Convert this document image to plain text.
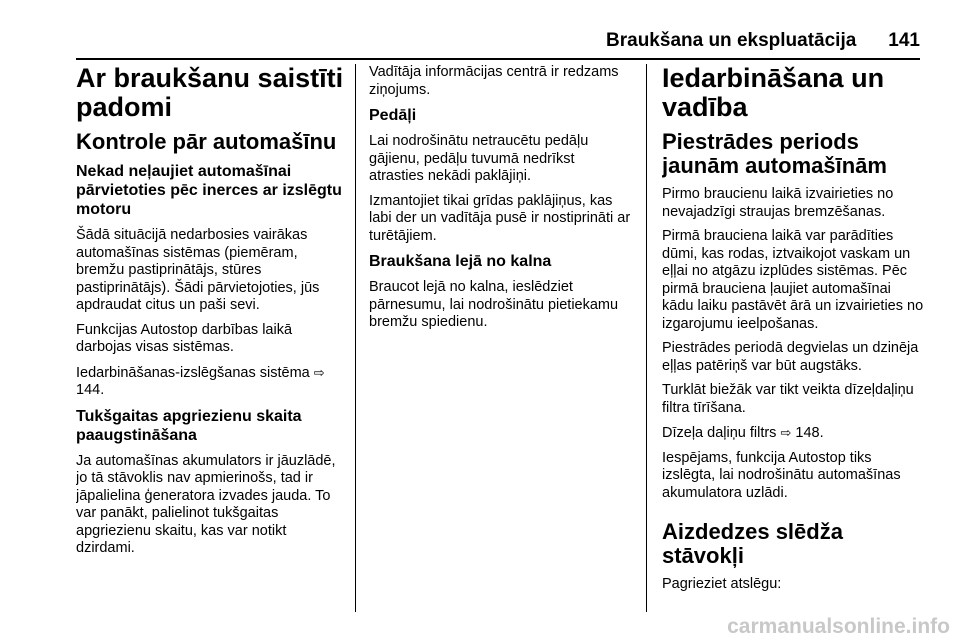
Braukšana un ekspluatācija 141
Ar braukšanu saistīti padomi
Kontrole pār automašīnu
Nekad neļaujiet automašīnai pārvietoties pēc inerces ar izslēgtu motoru

Šādā situācijā nedarbosies vairākas automašīnas sistēmas (piemēram, bremžu pastiprinātājs, stūres pastiprinātājs). Šādi pārvietojoties, jūs apdraudat citus un paši sevi.

Funkcijas Autostop darbības laikā darbojas visas sistēmas.

Iedarbināšanas-izslēgšanas sistēma ⇨ 144.

Tukšgaitas apgriezienu skaita paaugstināšana

Ja automašīnas akumulators ir jāuzlādē, jo tā stāvoklis nav apmierinošs, tad ir jāpalielina ģeneratora izvades jauda. To var panākt, palielinot tukšgaitas apgriezienu skaitu, kas var notikt dzirdami.

Vadītāja informācijas centrā ir redzams ziņojums.

Pedāļi

Lai nodrošinātu netraucētu pedāļu gājienu, pedāļu tuvumā nedrīkst atrasties nekādi paklājiņi.

Izmantojiet tikai grīdas paklājiņus, kas labi der un vadītāja pusē ir nostiprināti ar turētājiem.

Braukšana lejā no kalna

Braucot lejā no kalna, ieslēdziet pārnesumu, lai nodrošinātu pietiekamu bremžu spiedienu.

Iedarbināšana un vadība
Piestrādes periods jaunām automašīnām

Pirmo braucienu laikā izvairieties no nevajadzīgi straujas bremzēšanas.

Pirmā brauciena laikā var parādīties dūmi, kas rodas, iztvaikojot vaskam un eļļai no atgāzu izplūdes sistēmas. Pēc pirmā brauciena ļaujiet automašīnai kādu laiku pastāvēt ārā un izvairieties no izgarojumu ieelpošanas.

Piestrādes periodā degvielas un dzinēja eļļas patēriņš var būt augstāks.

Turklāt biežāk var tikt veikta dīzeļdaļiņu filtra tīrīšana.

Dīzeļa daļiņu filtrs ⇨ 148.

Iespējams, funkcija Autostop tiks izslēgta, lai nodrošinātu automašīnas akumulatora uzlādi.

Aizdedzes slēdža stāvokļi

Pagrieziet atslēgu:

carmanualsonline.info
